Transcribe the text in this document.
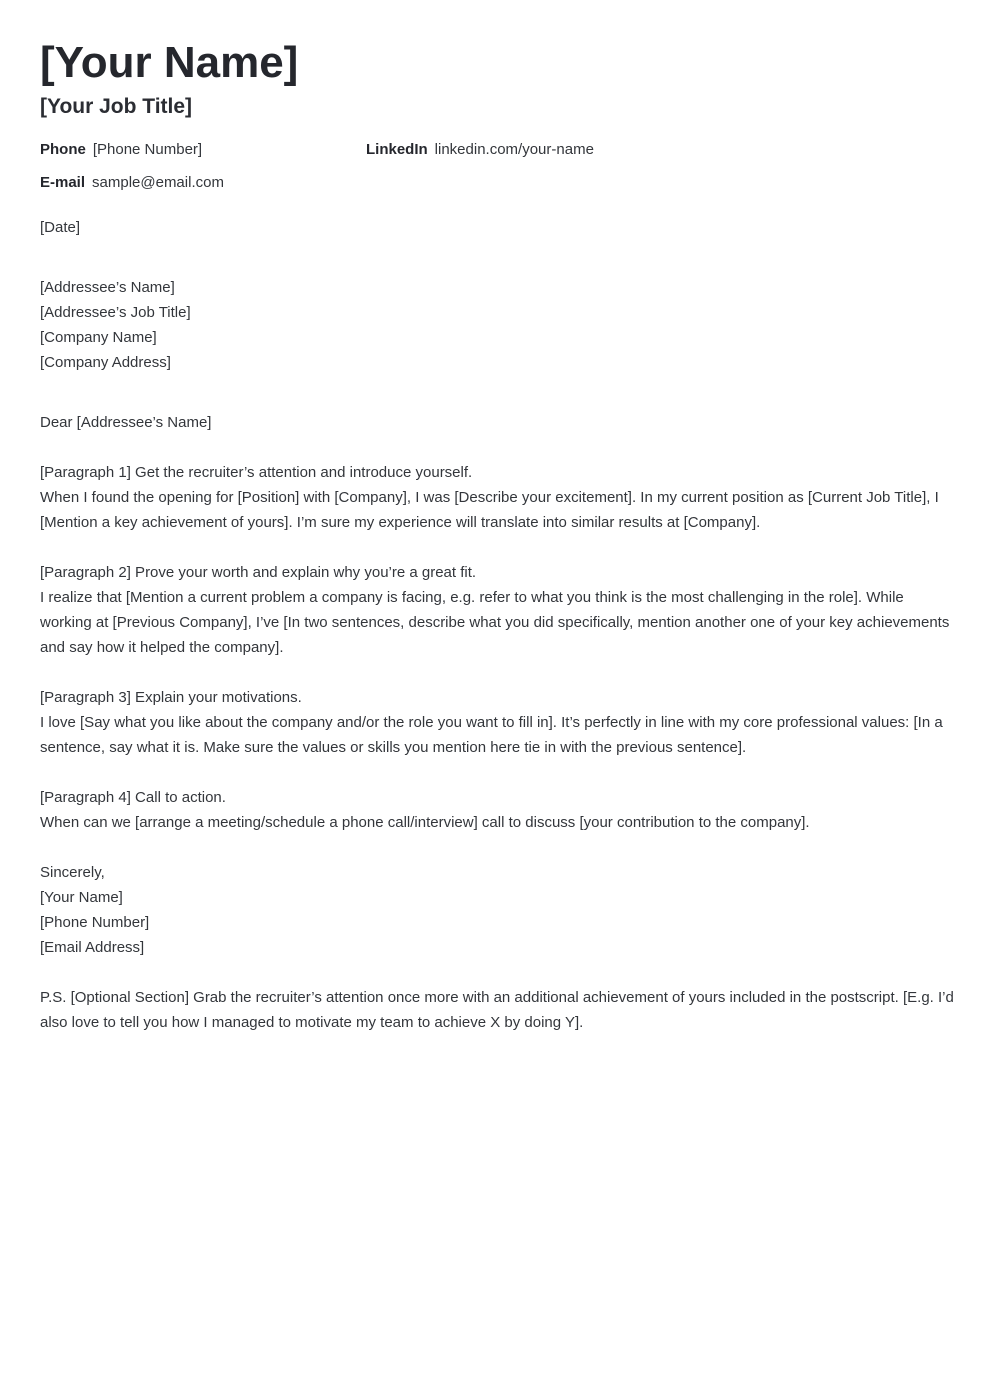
[Your Name]
[Your Job Title]
Phone [Phone Number]	LinkedIn linkedin.com/your-name
E-mail sample@email.com

[Date]

[Addressee’s Name]

[Addressee’s Job Title]

[Company Name]

[Company Address]

Dear [Addressee’s Name]

[Paragraph 1] Get the recruiter’s attention and introduce yourself.

When I found the opening for [Position] with [Company], I was [Describe your excitement]. In my current position as [Current Job Title], I [Mention a key achievement of yours]. I’m sure my experience will translate into similar results at [Company].

[Paragraph 2] Prove your worth and explain why you’re a great fit.

I realize that [Mention a current problem a company is facing, e.g. refer to what you think is the most challenging in the role]. While working at [Previous Company], I’ve [In two sentences, describe what you did specifically, mention another one of your key achievements and say how it helped the company].

[Paragraph 3] Explain your motivations.

I love [Say what you like about the company and/or the role you want to fill in]. It’s perfectly in line with my core professional values: [In a sentence, say what it is. Make sure the values or skills you mention here tie in with the previous sentence].

[Paragraph 4] Call to action.

When can we [arrange a meeting/schedule a phone call/interview] call to discuss [your contribution to the company].

Sincerely,

[Your Name]

[Phone Number]

[Email Address]

P.S. [Optional Section] Grab the recruiter’s attention once more with an additional achievement of yours included in the postscript. [E.g. I’d also love to tell you how I managed to motivate my team to achieve X by doing Y].
